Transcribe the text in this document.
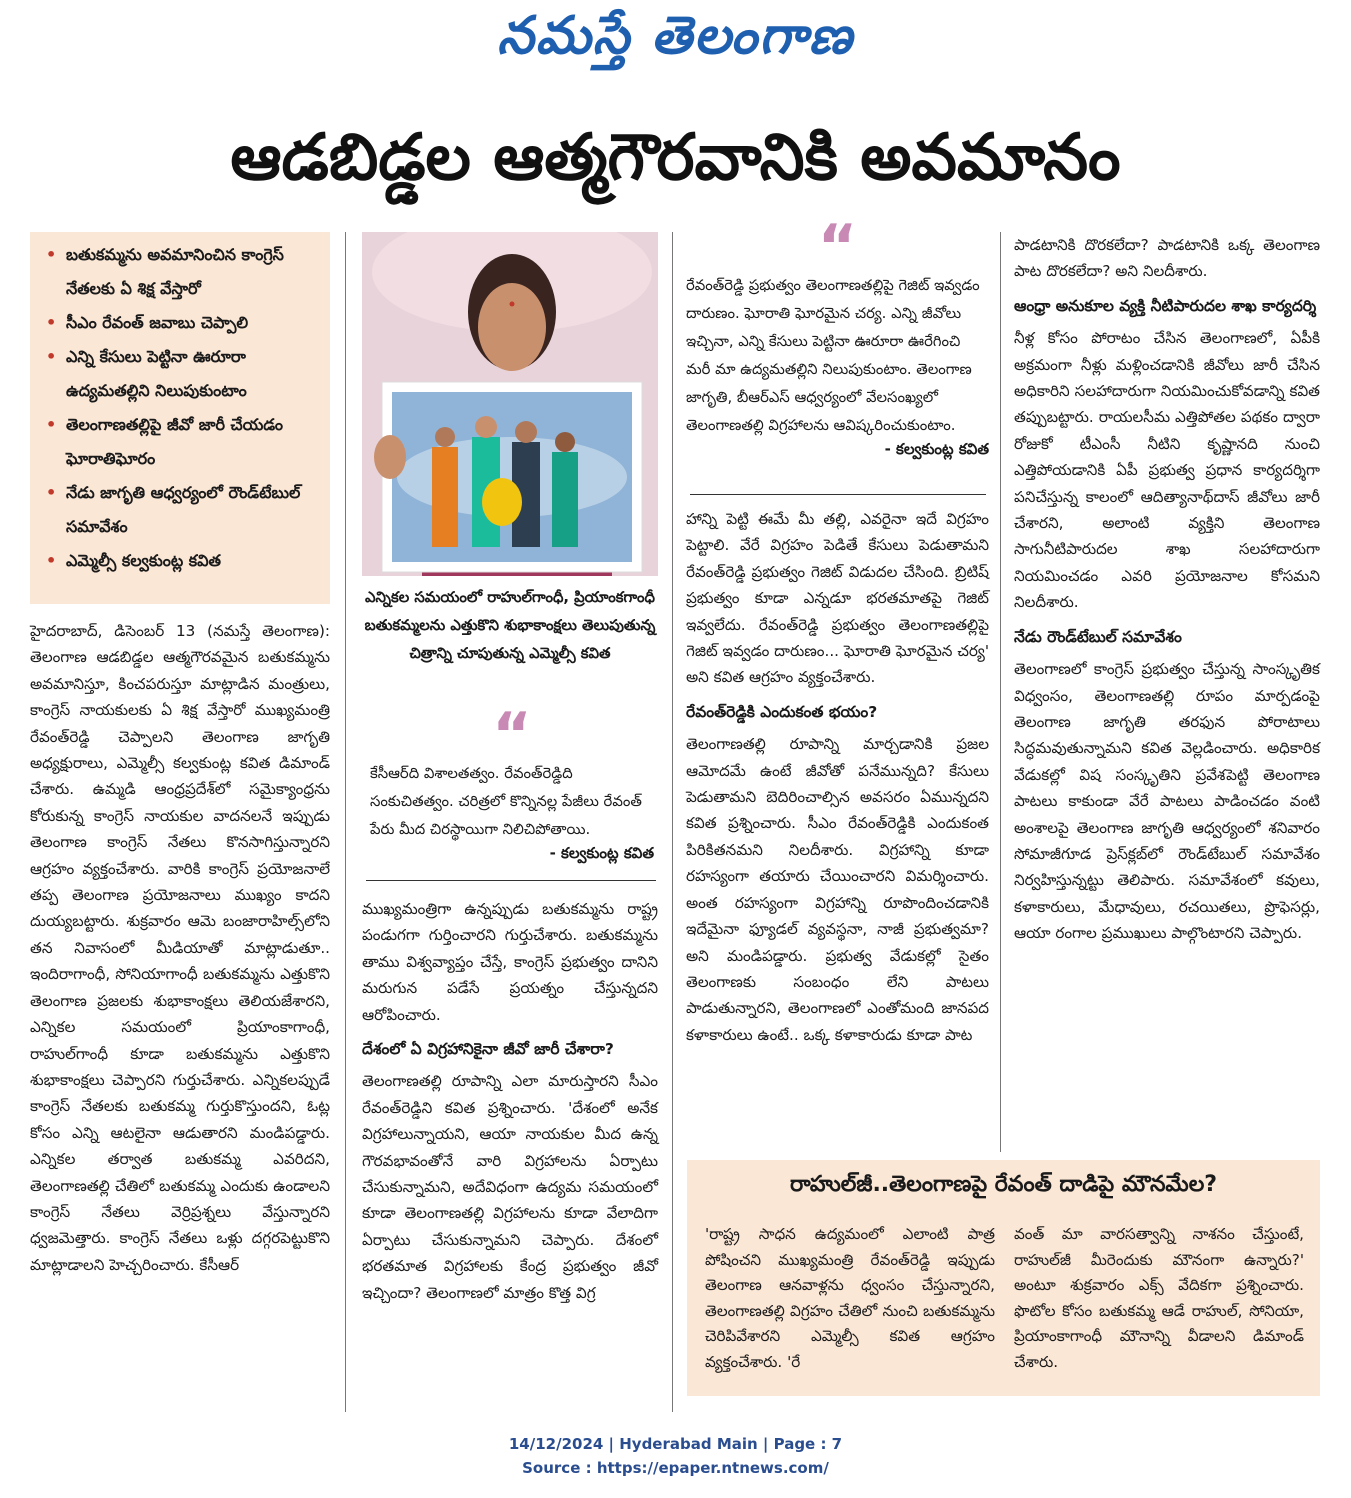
నమస్తే తెలంగాణ
ఆడబిడ్డల ఆత్మగౌరవానికి అవమానం
• బతుకమ్మను అవమానించిన కాంగ్రెస్ నేతలకు ఏ శిక్ష వేస్తారో
• సీఎం రేవంత్ జవాబు చెప్పాలి
• ఎన్ని కేసులు పెట్టినా ఊరూరా ఉద్యమతల్లిని నిలుపుకుంటాం
• తెలంగాణతల్లిపై జీవో జారీ చేయడం ఘోరాతిఘోరం
• నేడు జాగృతి ఆధ్వర్యంలో రౌండ్‌టేబుల్ సమావేశం
• ఎమ్మెల్సీ కల్వకుంట్ల కవిత

హైదరాబాద్, డిసెంబర్ 13 (నమస్తే తెలంగాణ): తెలంగాణ ఆడబిడ్డల ఆత్మగౌరవమైన బతుకమ్మను అవమానిస్తూ, కించపరుస్తూ మాట్లాడిన మంత్రులు, కాంగ్రెస్ నాయకులకు ఏ శిక్ష వేస్తారో ముఖ్యమంత్రి రేవంత్‌రెడ్డి చెప్పాలని తెలంగాణ జాగృతి అధ్యక్షురాలు, ఎమ్మెల్సీ కల్వకుంట్ల కవిత డిమాండ్ చేశారు. ఉమ్మడి ఆంధ్రప్రదేశ్‌లో సమైక్యాంధ్రను కోరుకున్న కాంగ్రెస్ నాయకుల వాదనలనే ఇప్పుడు తెలంగాణ కాంగ్రెస్ నేతలు కొనసాగిస్తున్నారని ఆగ్రహం వ్యక్తంచేశారు. వారికి కాంగ్రెస్ ప్రయోజనాలే తప్ప తెలంగాణ ప్రయోజనాలు ముఖ్యం కాదని దుయ్యబట్టారు. శుక్రవారం ఆమె బంజారాహిల్స్‌లోని తన నివాసంలో మీడియాతో మాట్లాడుతూ.. ఇందిరాగాంధీ, సోనియాగాంధీ బతుకమ్మను ఎత్తుకొని తెలంగాణ ప్రజలకు శుభాకాంక్షలు తెలియజేశారని, ఎన్నికల సమయంలో ప్రియాంకాగాంధీ, రాహుల్‌గాంధీ కూడా బతుకమ్మను ఎత్తుకొని శుభాకాంక్షలు చెప్పారని గుర్తుచేశారు. ఎన్నికలప్పుడే కాంగ్రెస్ నేతలకు బతుకమ్మ గుర్తుకొస్తుందని, ఓట్ల కోసం ఎన్ని ఆటలైనా ఆడుతారని మండిపడ్డారు. ఎన్నికల తర్వాత బతుకమ్మ ఎవరిదని, తెలంగాణతల్లి చేతిలో బతుకమ్మ ఎందుకు ఉండాలని కాంగ్రెస్ నేతలు వెర్రిప్రశ్నలు వేస్తున్నారని ధ్వజమెత్తారు. కాంగ్రెస్ నేతలు ఒళ్లు దగ్గరపెట్టుకొని మాట్లాడాలని హెచ్చరించారు. కేసీఆర్

ఎన్నికల సమయంలో రాహుల్‌గాంధీ, ప్రియాంకగాంధీ బతుకమ్మలను ఎత్తుకొని శుభాకాంక్షలు తెలుపుతున్న చిత్రాన్ని చూపుతున్న ఎమ్మెల్సీ కవిత
“
కేసీఆర్‌ది విశాలతత్వం. రేవంత్‌రెడ్డిది సంకుచితత్వం. చరిత్రలో కొన్నినల్ల పేజీలు రేవంత్ పేరు మీద చిరస్థాయిగా నిలిచిపోతాయి.
- కల్వకుంట్ల కవిత

ముఖ్యమంత్రిగా ఉన్నప్పుడు బతుకమ్మను రాష్ట్ర పండుగగా గుర్తించారని గుర్తుచేశారు. బతుకమ్మను తాము విశ్వవ్యాప్తం చేస్తే, కాంగ్రెస్ ప్రభుత్వం దానిని మరుగున పడేసే ప్రయత్నం చేస్తున్నదని ఆరోపించారు.

దేశంలో ఏ విగ్రహానికైనా జీవో జారీ చేశారా?

తెలంగాణతల్లి రూపాన్ని ఎలా మారుస్తారని సీఎం రేవంత్‌రెడ్డిని కవిత ప్రశ్నించారు. 'దేశంలో అనేక విగ్రహాలున్నాయని, ఆయా నాయకుల మీద ఉన్న గౌరవభావంతోనే వారి విగ్రహాలను ఏర్పాటు చేసుకున్నామని, అదేవిధంగా ఉద్యమ సమయంలో కూడా తెలంగాణతల్లి విగ్రహాలను కూడా వేలాదిగా ఏర్పాటు చేసుకున్నామని చెప్పారు. దేశంలో భరతమాత విగ్రహాలకు కేంద్ర ప్రభుత్వం జీవో ఇచ్చిందా? తెలంగాణలో మాత్రం కొత్త విగ్ర

“
రేవంత్‌రెడ్డి ప్రభుత్వం తెలంగాణతల్లిపై గెజిట్ ఇవ్వడం దారుణం. ఘోరాతి ఘోరమైన చర్య. ఎన్ని జీవోలు ఇచ్చినా, ఎన్ని కేసులు పెట్టినా ఊరూరా ఊరేగించి మరీ మా ఉద్యమతల్లిని నిలుపుకుంటాం. తెలంగాణ జాగృతి, బీఆర్‌ఎస్ ఆధ్వర్యంలో వేలసంఖ్యలో తెలంగాణతల్లి విగ్రహాలను ఆవిష్కరించుకుంటాం.
- కల్వకుంట్ల కవిత

హాన్ని పెట్టి ఈమే మీ తల్లి, ఎవరైనా ఇదే విగ్రహం పెట్టాలి. వేరే విగ్రహం పెడితే కేసులు పెడుతామని రేవంత్‌రెడ్డి ప్రభుత్వం గెజిట్ విడుదల చేసింది. బ్రిటిష్ ప్రభుత్వం కూడా ఎన్నడూ భరతమాతపై గెజిట్ ఇవ్వలేదు. రేవంత్‌రెడ్డి ప్రభుత్వం తెలంగాణతల్లిపై గెజిట్ ఇవ్వడం దారుణం... ఘోరాతి ఘోరమైన చర్య' అని కవిత ఆగ్రహం వ్యక్తంచేశారు.

రేవంత్‌రెడ్డికి ఎందుకంత భయం?

తెలంగాణతల్లి రూపాన్ని మార్చడానికి ప్రజల ఆమోదమే ఉంటే జీవోతో పనేమున్నది? కేసులు పెడుతామని బెదిరించాల్సిన అవసరం ఏమున్నదని కవిత ప్రశ్నించారు. సీఎం రేవంత్‌రెడ్డికి ఎందుకంత పిరికితనమని నిలదీశారు. విగ్రహాన్ని కూడా రహస్యంగా తయారు చేయించారని విమర్శించారు. అంత రహస్యంగా విగ్రహాన్ని రూపొందించడానికి ఇదేమైనా ఫ్యూడల్ వ్యవస్థనా, నాజీ ప్రభుత్వమా? అని మండిపడ్డారు. ప్రభుత్వ వేడుకల్లో సైతం తెలంగాణకు సంబంధం లేని పాటలు పాడుతున్నారని, తెలంగాణలో ఎంతోమంది జానపద కళాకారులు ఉంటే.. ఒక్క కళాకారుడు కూడా పాట

పాడటానికి దొరకలేదా? పాడటానికి ఒక్క తెలంగాణ పాట దొరకలేదా? అని నిలదీశారు.

ఆంధ్రా అనుకూల వ్యక్తి నీటిపారుదల శాఖ కార్యదర్శి

నీళ్ల కోసం పోరాటం చేసిన తెలంగాణలో, ఏపీకి అక్రమంగా నీళ్లు మళ్లించడానికి జీవోలు జారీ చేసిన అధికారిని సలహాదారుగా నియమించుకోవడాన్ని కవిత తప్పుబట్టారు. రాయలసీమ ఎత్తిపోతల పథకం ద్వారా రోజుకో టీఎంసీ నీటిని కృష్ణానది నుంచి ఎత్తిపోయడానికి ఏపీ ప్రభుత్వ ప్రధాన కార్యదర్శిగా పనిచేస్తున్న కాలంలో ఆదిత్యానాథ్‌దాస్ జీవోలు జారీ చేశారని, అలాంటి వ్యక్తిని తెలంగాణ సాగునీటిపారుదల శాఖ సలహాదారుగా నియమించడం ఎవరి ప్రయోజనాల కోసమని నిలదీశారు.

నేడు రౌండ్‌టేబుల్ సమావేశం

తెలంగాణలో కాంగ్రెస్ ప్రభుత్వం చేస్తున్న సాంస్కృతిక విధ్వంసం, తెలంగాణతల్లి రూపం మార్పడంపై తెలంగాణ జాగృతి తరఫున పోరాటాలు సిద్ధమవుతున్నామని కవిత వెల్లడించారు. అధికారిక వేడుకల్లో విష సంస్కృతిని ప్రవేశపెట్టి తెలంగాణ పాటలు కాకుండా వేరే పాటలు పాడించడం వంటి అంశాలపై తెలంగాణ జాగృతి ఆధ్వర్యంలో శనివారం సోమాజీగూడ ప్రెస్‌క్లబ్‌లో రౌండ్‌టేబుల్ సమావేశం నిర్వహిస్తున్నట్టు తెలిపారు. సమావేశంలో కవులు, కళాకారులు, మేధావులు, రచయితలు, ప్రొఫెసర్లు, ఆయా రంగాల ప్రముఖులు పాల్గొంటారని చెప్పారు.

రాహుల్‌జీ..తెలంగాణపై రేవంత్ దాడిపై మౌనమేల?
'రాష్ట్ర సాధన ఉద్యమంలో ఎలాంటి పాత్ర పోషించని ముఖ్యమంత్రి రేవంత్‌రెడ్డి ఇప్పుడు తెలంగాణ ఆనవాళ్లను ధ్వంసం చేస్తున్నారని, తెలంగాణతల్లి విగ్రహం చేతిలో నుంచి బతుకమ్మను చెరిపివేశారని ఎమ్మెల్సీ కవిత ఆగ్రహం వ్యక్తంచేశారు. 'రే
వంత్ మా వారసత్వాన్ని నాశనం చేస్తుంటే, రాహుల్‌జీ మీరెందుకు మౌనంగా ఉన్నారు?' అంటూ శుక్రవారం ఎక్స్ వేదికగా ప్రశ్నించారు. ఫొటోల కోసం బతుకమ్మ ఆడే రాహుల్, సోనియా, ప్రియాంకాగాంధీ మౌనాన్ని వీడాలని డిమాండ్ చేశారు.
14/12/2024 | Hyderabad Main | Page : 7
Source : https://epaper.ntnews.com/
